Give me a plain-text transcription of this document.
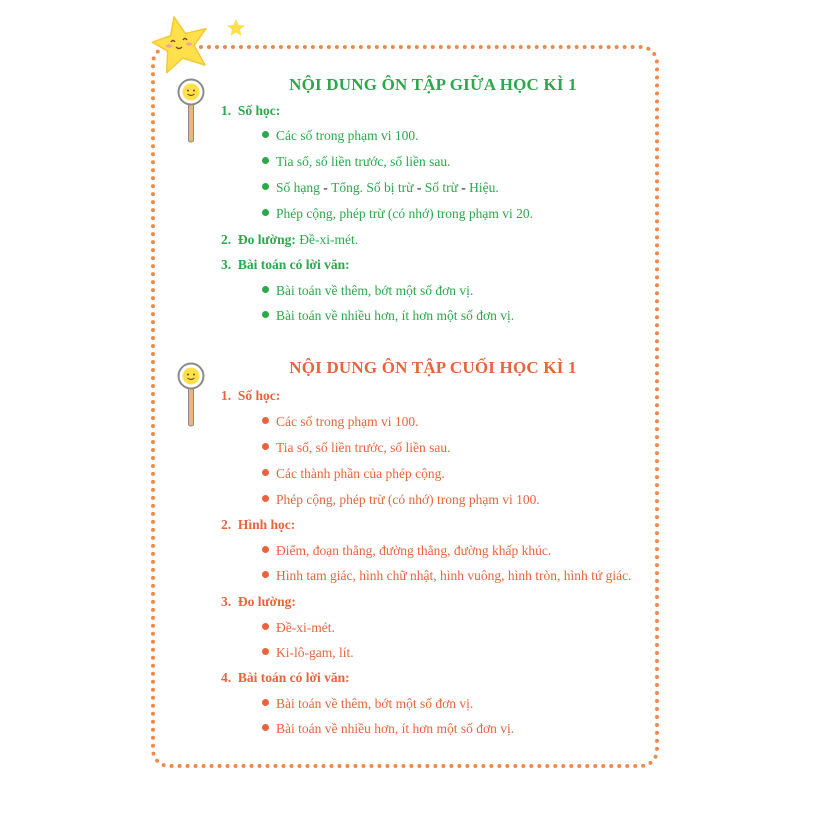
NỘI DUNG ÔN TẬP GIỮA HỌC KÌ 1
1. Số học:
Các số trong phạm vi 100.
Tia số, số liền trước, số liền sau.
Số hạng - Tổng. Số bị trừ - Số trừ - Hiệu.
Phép cộng, phép trừ (có nhớ) trong phạm vi 20.
2. Đo lường: Đề-xi-mét.
3. Bài toán có lời văn:
Bài toán về thêm, bớt một số đơn vị.
Bài toán về nhiều hơn, ít hơn một số đơn vị.
NỘI DUNG ÔN TẬP CUỐI HỌC KÌ 1
1. Số học:
Các số trong phạm vi 100.
Tia số, số liền trước, số liền sau.
Các thành phần của phép cộng.
Phép cộng, phép trừ (có nhớ) trong phạm vi 100.
2. Hình học:
Điểm, đoạn thẳng, đường thẳng, đường khấp khúc.
Hình tam giác, hình chữ nhật, hình vuông, hình tròn, hình tứ giác.
3. Đo lường:
Đề-xi-mét.
Ki-lô-gam, lít.
4. Bài toán có lời văn:
Bài toán về thêm, bớt một số đơn vị.
Bài toán về nhiều hơn, ít hơn một số đơn vị.
